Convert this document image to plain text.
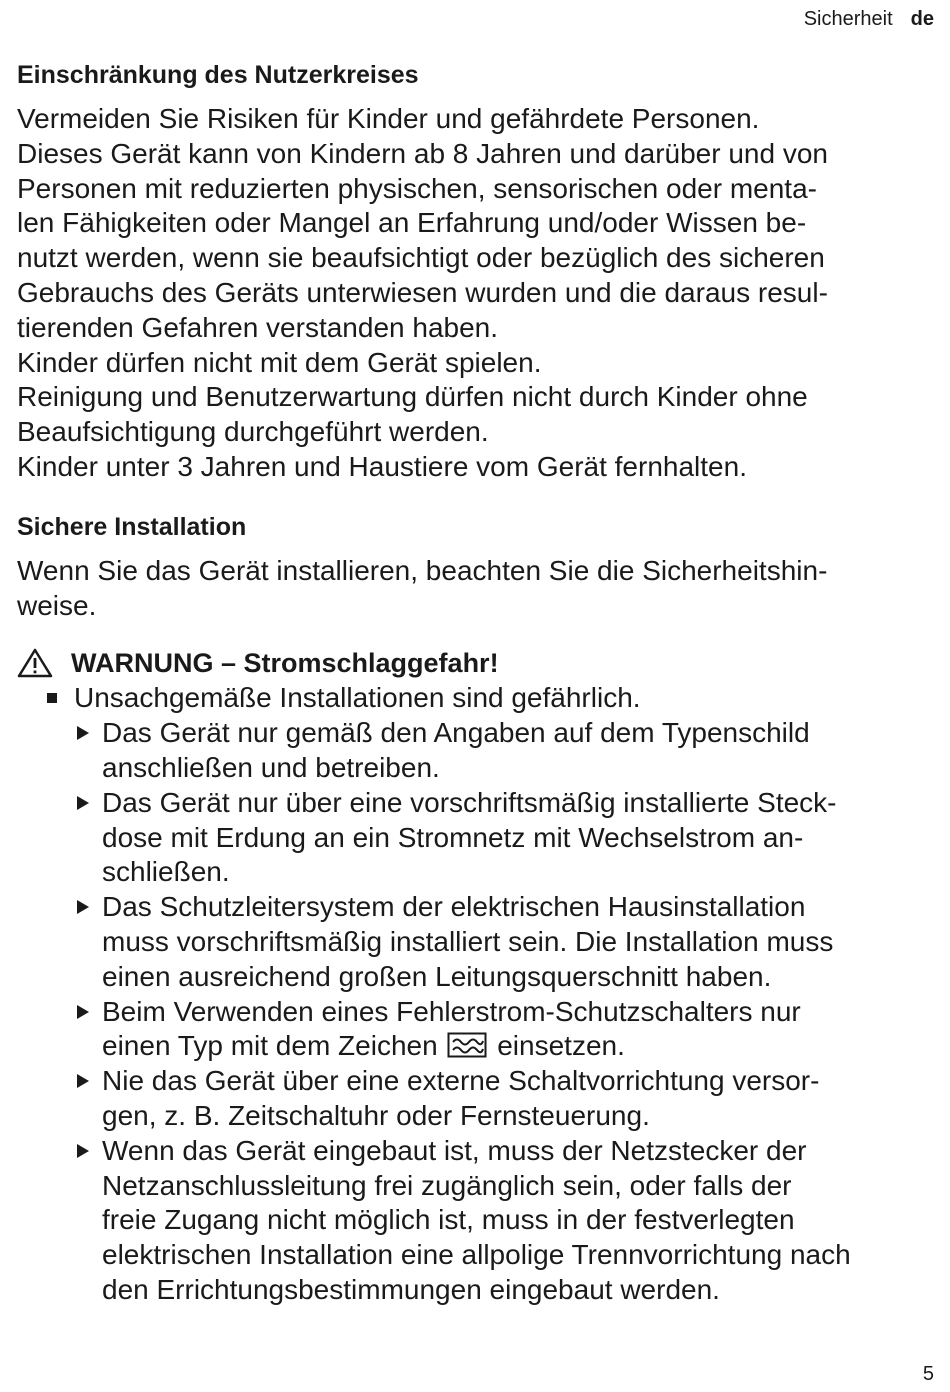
Sicherheit de
Einschränkung des Nutzerkreises

Vermeiden Sie Risiken für Kinder und gefährdete Personen.
Dieses Gerät kann von Kindern ab 8 Jahren und darüber und von
Personen mit reduzierten physischen, sensorischen oder menta-
len Fähigkeiten oder Mangel an Erfahrung und/oder Wissen be-
nutzt werden, wenn sie beaufsichtigt oder bezüglich des sicheren
Gebrauchs des Geräts unterwiesen wurden und die daraus resul-
tierenden Gefahren verstanden haben.
Kinder dürfen nicht mit dem Gerät spielen.
Reinigung und Benutzerwartung dürfen nicht durch Kinder ohne
Beaufsichtigung durchgeführt werden.
Kinder unter 3 Jahren und Haustiere vom Gerät fernhalten.

Sichere Installation

Wenn Sie das Gerät installieren, beachten Sie die Sicherheitshin-
weise.

WARNUNG – Stromschlaggefahr!
Unsachgemäße Installationen sind gefährlich.
Das Gerät nur gemäß den Angaben auf dem Typenschild
anschließen und betreiben.
Das Gerät nur über eine vorschriftsmäßig installierte Steck-
dose mit Erdung an ein Stromnetz mit Wechselstrom an-
schließen.
Das Schutzleitersystem der elektrischen Hausinstallation
muss vorschriftsmäßig installiert sein. Die Installation muss
einen ausreichend großen Leitungsquerschnitt haben.
Beim Verwenden eines Fehlerstrom-Schutzschalters nur
einen Typ mit dem Zeichen einsetzen.
Nie das Gerät über eine externe Schaltvorrichtung versor-
gen, z. B. Zeitschaltuhr oder Fernsteuerung.
Wenn das Gerät eingebaut ist, muss der Netzstecker der
Netzanschlussleitung frei zugänglich sein, oder falls der
freie Zugang nicht möglich ist, muss in der festverlegten
elektrischen Installation eine allpolige Trennvorrichtung nach
den Errichtungsbestimmungen eingebaut werden.
5
